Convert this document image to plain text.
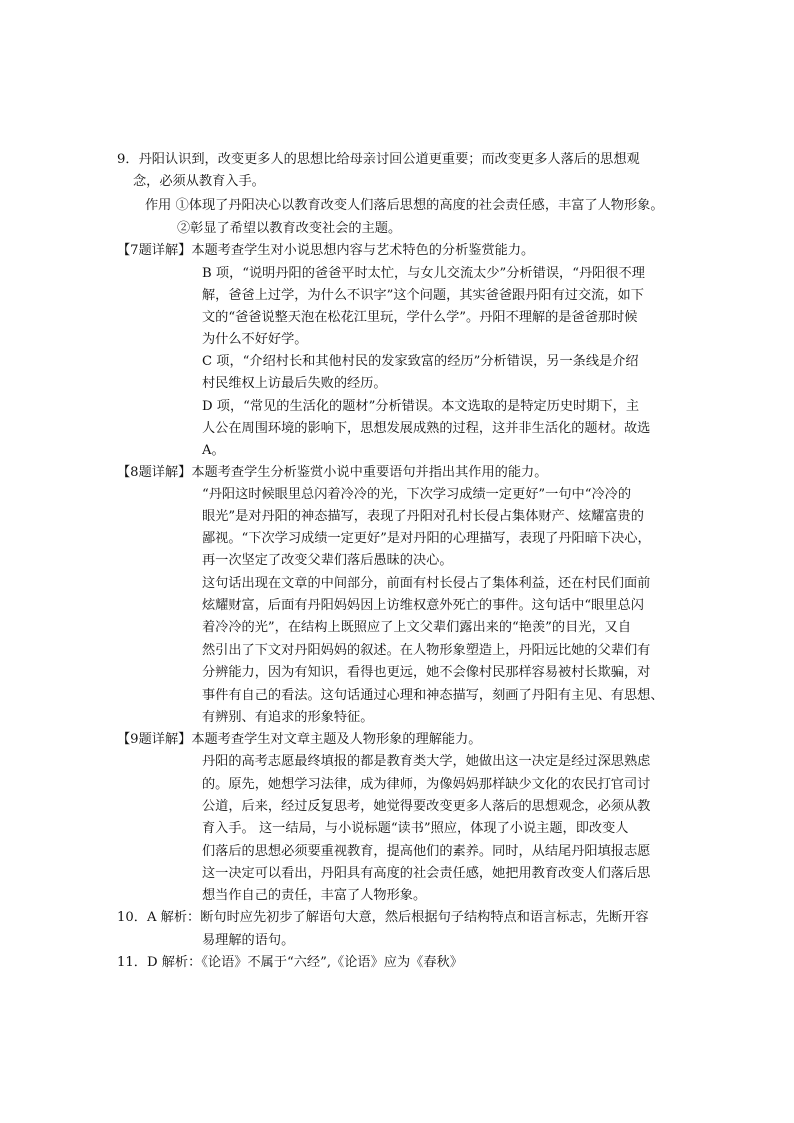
9．丹阳认识到，改变更多人的思想比给母亲讨回公道更重要；而改变更多人落后的思想观
念，必须从教育入手。
作用 ①体现了丹阳决心以教育改变人们落后思想的高度的社会责任感，丰富了人物形象。
②彰显了希望以教育改变社会的主题。
【7题详解】本题考查学生对小说思想内容与艺术特色的分析鉴赏能力。
B 项，“说明丹阳的爸爸平时太忙，与女儿交流太少”分析错误，“丹阳很不理
解，爸爸上过学，为什么不识字”这个问题，其实爸爸跟丹阳有过交流，如下
文的“爸爸说整天泡在松花江里玩，学什么学”。丹阳不理解的是爸爸那时候
为什么不好好学。
C 项，“介绍村长和其他村民的发家致富的经历”分析错误，另一条线是介绍
村民维权上访最后失败的经历。
D 项，“常见的生活化的题材”分析错误。本文选取的是特定历史时期下，主
人公在周围环境的影响下，思想发展成熟的过程，这并非生活化的题材。故选
A。
【8题详解】本题考查学生分析鉴赏小说中重要语句并指出其作用的能力。
“丹阳这时候眼里总闪着冷冷的光，下次学习成绩一定更好”一句中“冷冷的
眼光”是对丹阳的神态描写，表现了丹阳对孔村长侵占集体财产、炫耀富贵的
鄙视。“下次学习成绩一定更好”是对丹阳的心理描写，表现了丹阳暗下决心，
再一次坚定了改变父辈们落后愚昧的决心。
这句话出现在文章的中间部分，前面有村长侵占了集体利益，还在村民们面前
炫耀财富，后面有丹阳妈妈因上访维权意外死亡的事件。这句话中“眼里总闪
着冷冷的光”，在结构上既照应了上文父辈们露出来的“艳羡”的目光，又自
然引出了下文对丹阳妈妈的叙述。在人物形象塑造上，丹阳远比她的父辈们有
分辨能力，因为有知识，看得也更远，她不会像村民那样容易被村长欺骗，对
事件有自己的看法。这句话通过心理和神态描写，刻画了丹阳有主见、有思想、
有辨别、有追求的形象特征。
【9题详解】本题考查学生对文章主题及人物形象的理解能力。
丹阳的高考志愿最终填报的都是教育类大学，她做出这一决定是经过深思熟虑
的。原先，她想学习法律，成为律师，为像妈妈那样缺少文化的农民打官司讨
公道，后来，经过反复思考，她觉得要改变更多人落后的思想观念，必须从教
育入手。 这一结局，与小说标题“读书”照应，体现了小说主题，即改变人
们落后的思想必须要重视教育，提高他们的素养。同时，从结尾丹阳填报志愿
这一决定可以看出，丹阳具有高度的社会责任感，她把用教育改变人们落后思
想当作自己的责任，丰富了人物形象。
10．A 解析：断句时应先初步了解语句大意，然后根据句子结构特点和语言标志，先断开容
易理解的语句。
11．D 解析：《论语》不属于“六经”,《论语》应为《春秋》
